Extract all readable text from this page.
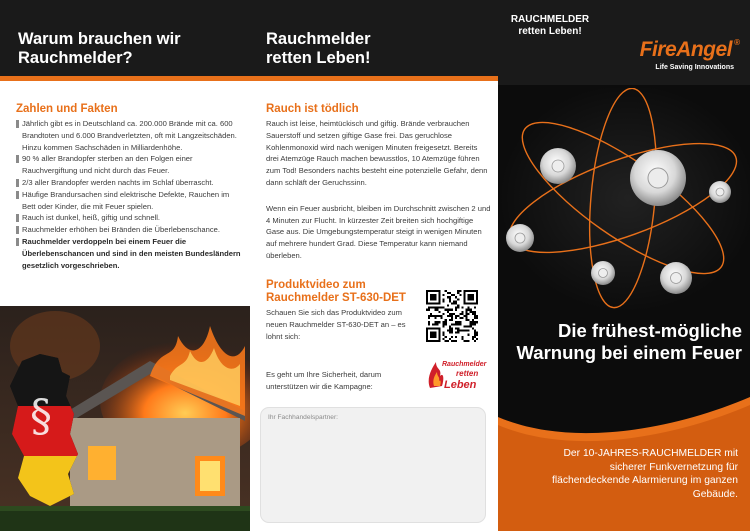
Warum brauchen wir Rauchmelder?
Zahlen und Fakten
Jährlich gibt es in Deutschland ca. 200.000 Brände mit ca. 600 Brandtoten und 6.000 Brandverletzten, oft mit Langzeitschäden. Hinzu kommen Sachschäden in Milliardenhöhe.
90 % aller Brandopfer sterben an den Folgen einer Rauchvergiftung und nicht durch das Feuer.
2/3 aller Brandopfer werden nachts im Schlaf überrascht.
Häufige Brandursachen sind elektrische Defekte, Rauchen im Bett oder Kinder, die mit Feuer spielen.
Rauch ist dunkel, heiß, giftig und schnell.
Rauchmelder erhöhen bei Bränden die Überlebenschance.
Rauchmelder verdoppeln bei einem Feuer die Überlebenschancen und sind in den meisten Bundesländern gesetzlich vorgeschrieben.
§
Rauchmelder retten Leben!
Rauch ist tödlich
Rauch ist leise, heimtückisch und giftig. Brände verbrauchen Sauerstoff und setzen giftige Gase frei. Das geruchlose Kohlenmonoxid wird nach wenigen Minuten freigesetzt. Bereits drei Atemzüge Rauch machen bewusstlos, 10 Atemzüge führen zum Tod! Besonders nachts besteht eine potenzielle Gefahr, denn dann schläft der Geruchssinn.
Wenn ein Feuer ausbricht, bleiben im Durchschnitt zwischen 2 und 4 Minuten zur Flucht. In kürzester Zeit breiten sich hochgiftige Gase aus. Die Umgebungstemperatur steigt in wenigen Minuten auf mehrere hundert Grad. Diese Temperatur kann niemand überleben.
Produktvideo zum Rauchmelder ST-630-DET
Schauen Sie sich das Produktvideo zum neuen Rauchmelder ST-630-DET an – es lohnt sich:
Es geht um Ihre Sicherheit, darum unterstützen wir die Kampagne:
Rauchmelder
retten
Leben
Ihr Fachhandelspartner:
RAUCHMELDER retten Leben!
FireAngel ®
Life Saving Innovations
Die frühest-mögliche Warnung bei einem Feuer
Der 10-JAHRES-RAUCHMELDER mit sicherer Funkvernetzung für flächendeckende Alarmierung im ganzen Gebäude.
